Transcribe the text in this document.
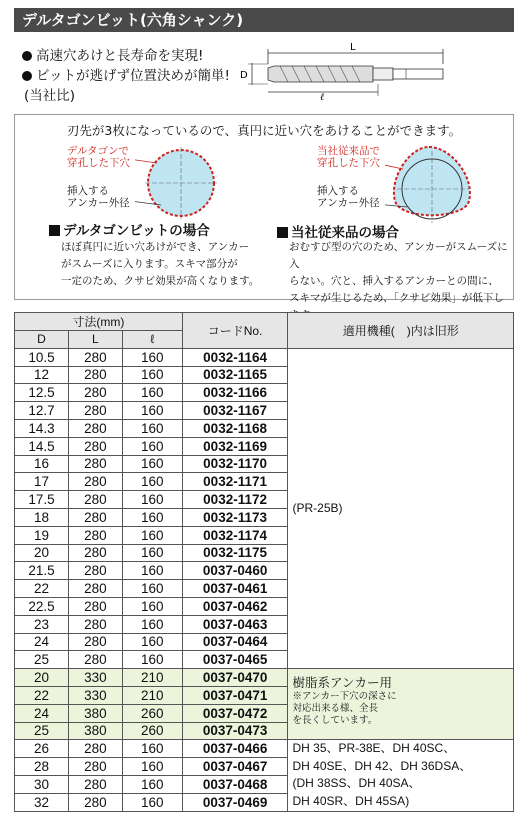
デルタゴンビット(六角シャンク)
高速穴あけと長寿命を実現!
ビットが逃げず位置決めが簡単!
(当社比)
L
D
ℓ
刃先が3枚になっているので、真円に近い穴をあけることができます。
デルタゴンで
穿孔した下穴
挿入する
アンカー外径
当社従来品で
穿孔した下穴
挿入する
アンカー外径
デルタゴンビットの場合
ほぼ真円に近い穴あけができ、アンカー
がスムーズに入ります。スキマ部分が
一定のため、クサビ効果が高くなります。
当社従来品の場合
おむすび型の穴のため、アンカーがスムーズに入
らない。穴と、挿入するアンカーとの間に、
スキマが生じるため、「クサビ効果」が低下し
寸法(mm)			コードNo.	適用機種(　)内は旧形
D	L	ℓ		
10.5	280	160	0032-1164	(PR-25B)
12	280	160	0032-1165	
12.5	280	160	0032-1166	
12.7	280	160	0032-1167	
14.3	280	160	0032-1168	
14.5	280	160	0032-1169	
16	280	160	0032-1170	
17	280	160	0032-1171	
17.5	280	160	0032-1172	
18	280	160	0032-1173	
19	280	160	0032-1174	
20	280	160	0032-1175	
21.5	280	160	0037-0460	
22	280	160	0037-0461	
22.5	280	160	0037-0462	
23	280	160	0037-0463	
24	280	160	0037-0464	
25	280	160	0037-0465	
20	330	210	0037-0470	樹脂系アンカー用
※アンカー下穴の深さに
対応出来る様、全長
を長くしています。

22	330	210	0037-0471	
24	380	260	0037-0472	
25	380	260	0037-0473	
26	280	160	0037-0466	DH 35、PR-38E、DH 40SC、
DH 40SE、DH 42、DH 36DSA、
(DH 38SS、DH 40SA、
DH 40SR、DH 45SA)

28	280	160	0037-0467	
30	280	160	0037-0468	
32	280	160	0037-0469	
